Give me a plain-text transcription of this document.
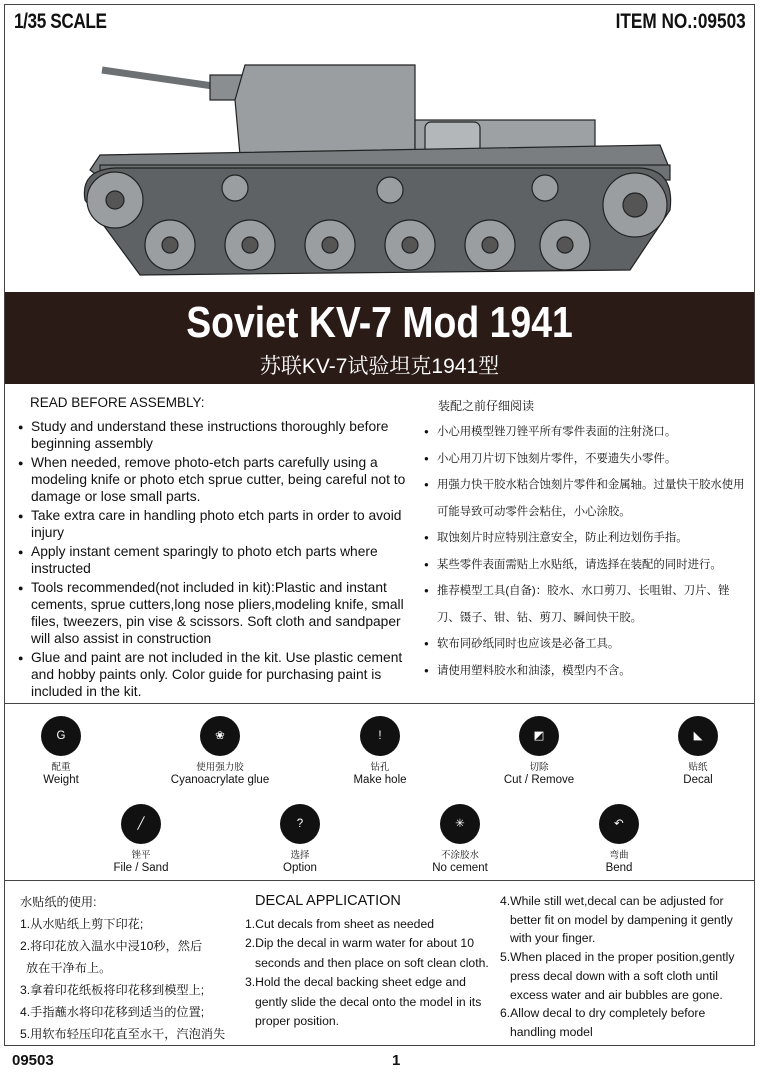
1/35 SCALE	ITEM NO.:09503
Soviet KV-7 Mod 1941
苏联KV-7试验坦克1941型
READ BEFORE ASSEMBLY:
● Study and understand these instructions thoroughly before beginning assembly
● When needed, remove photo-etch parts carefully using a modeling knife or photo etch sprue cutter, being careful not to damage or lose small parts.
● Take extra care in handling photo etch parts in order to avoid injury
● Apply instant cement sparingly to photo etch parts where instructed
● Tools recommended(not included in kit):Plastic and instant cements, sprue cutters,long nose pliers,modeling knife, small files, tweezers, pin vise & scissors. Soft cloth and sandpaper will also assist in construction
● Glue and paint are not included in the kit. Use plastic cement and hobby paints only. Color guide for purchasing paint is included in the kit.
装配之前仔细阅读
● 小心用模型锉刀锉平所有零件表面的注射浇口。
● 小心用刀片切下蚀刻片零件，不要遗失小零件。
● 用强力快干胶水粘合蚀刻片零件和金属轴。过量快干胶水使用可能导致可动零件会粘住，小心涂胶。
● 取蚀刻片时应特别注意安全，防止利边划伤手指。
● 某些零件表面需贴上水贴纸，请选择在装配的同时进行。
● 推荐模型工具(自备)：胶水、水口剪刀、长咀钳、刀片、锉刀、镊子、钳、钻、剪刀、瞬间快干胶。
● 软布同砂纸同时也应该是必备工具。
● 请使用塑料胶水和油漆，模型内不含。
G
配重
Weight
❀
使用强力胶
Cyanoacrylate glue
!
钻孔
Make hole
◩
切除
Cut / Remove
◣
贴纸
Decal
╱
锉平
File / Sand
?
选择
Option
✳
不涂胶水
No cement
↶
弯曲
Bend
水贴纸的使用:
1.从水贴纸上剪下印花;
2.将印花放入温水中浸10秒，然后
放在干净布上。
3.拿着印花纸板将印花移到模型上;
4.手指蘸水将印花移到适当的位置;
5.用软布轻压印花直至水干，汽泡消失
DECAL APPLICATION
1.Cut decals from sheet as needed
2.Dip the decal in warm water for about 10 seconds and then place on soft clean cloth.
3.Hold the decal backing sheet edge and gently slide the decal onto the model in its proper position.
4.While still wet,decal can be adjusted for better fit on model by dampening it gently with your finger.
5.When placed in the proper position,gently press decal down with a soft cloth until excess water and air bubbles are gone.
6.Allow decal to dry completely before handling model
09503	1
